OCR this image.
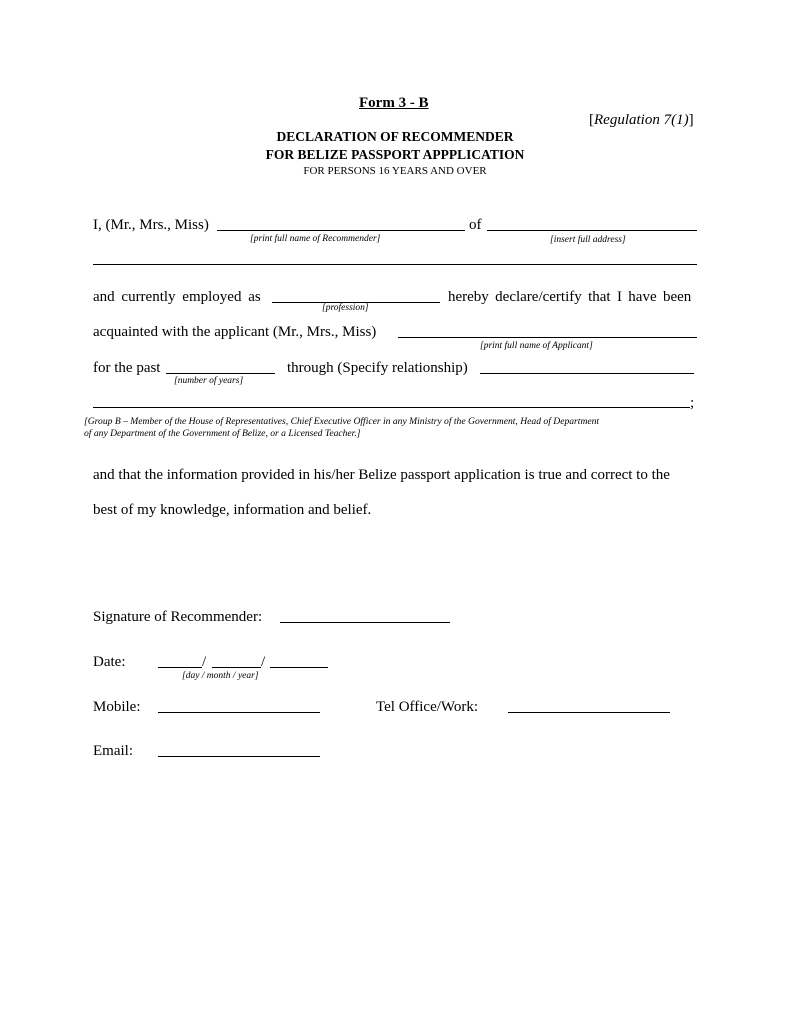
Form 3 - B
[Regulation 7(1)]
DECLARATION OF RECOMMENDER
FOR BELIZE PASSPORT APPPLICATION
FOR PERSONS 16 YEARS AND OVER
I, (Mr., Mrs., Miss)	of
[print full name of Recommender]	[insert full address]
and currently employed as	hereby declare/certify that I have been
[profession]
acquainted with the applicant (Mr., Mrs., Miss)
[print full name of Applicant]
for the past	through (Specify relationship)
[number of years]
;
[Group B – Member of the House of Representatives, Chief Executive Officer in any Ministry of the Government, Head of Department
of any Department of the Government of Belize, or a Licensed Teacher.]
and that the information provided in his/her Belize passport application is true and correct to the
best of my knowledge, information and belief.
Signature of Recommender:
Date:	/	/
[day / month / year]
Mobile:	Tel Office/Work:
Email:
